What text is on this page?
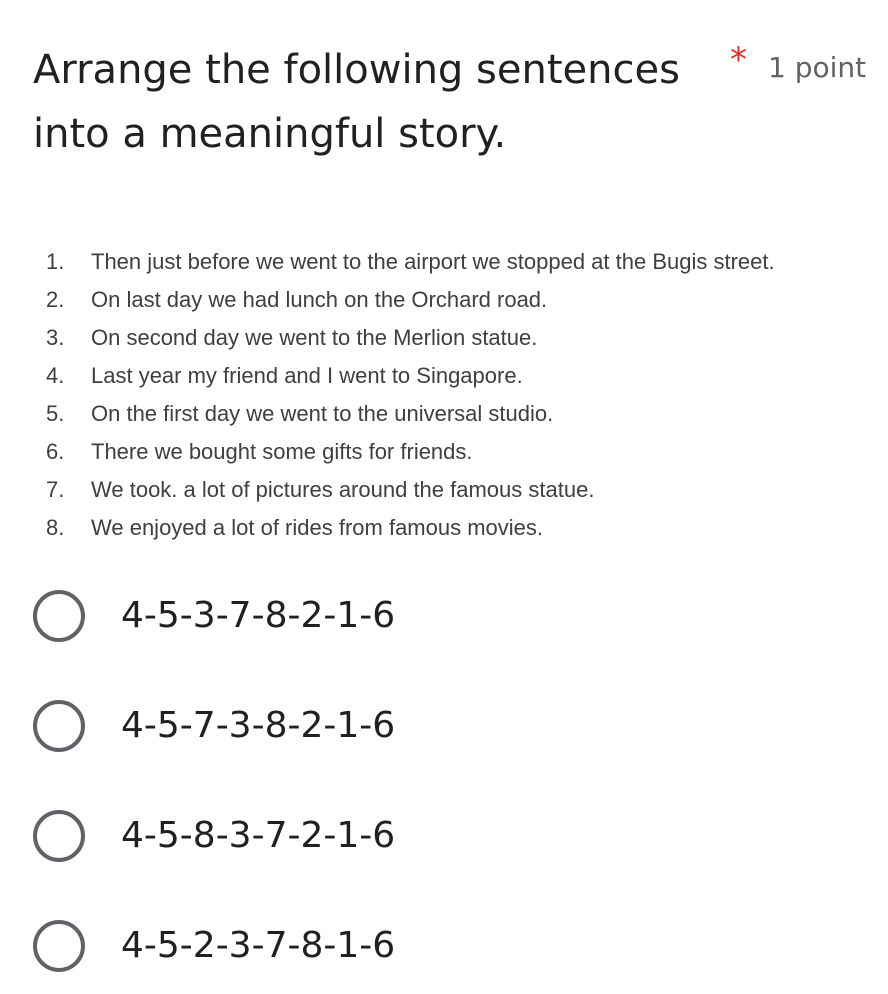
Arrange the following sentences into a meaningful story.
* 1 point
1.	Then just before we went to the airport we stopped at the Bugis street.
2.	On last day we had lunch on the Orchard road.
3.	On second day we went to the Merlion statue.
4.	Last year my friend and I went to Singapore.
5.	On the first day we went to the universal studio.
6.	There we bought some gifts for friends.
7.	We took. a lot of pictures around the famous statue.
8.	We enjoyed a lot of rides from famous movies.
4-5-3-7-8-2-1-6
4-5-7-3-8-2-1-6
4-5-8-3-7-2-1-6
4-5-2-3-7-8-1-6
